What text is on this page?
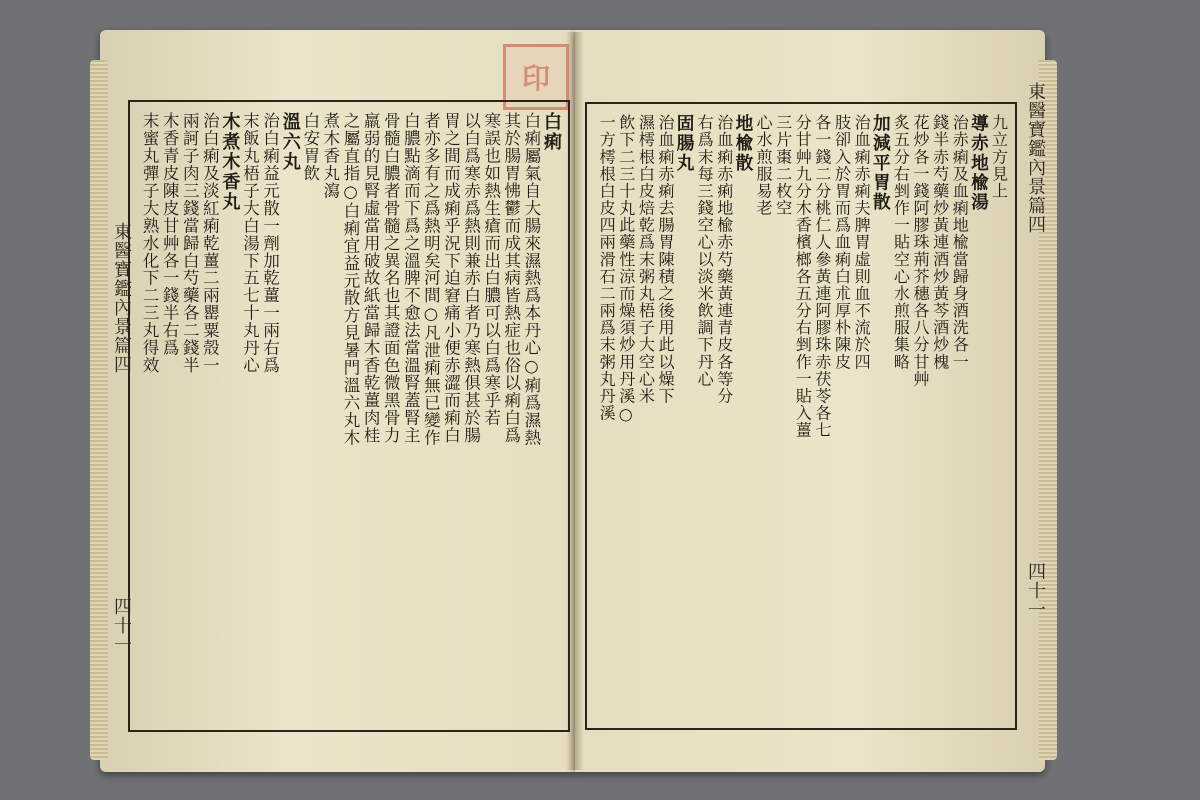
印
白痢
白痢屬氣自大腸來濕熱爲本丹心○痢爲濕熱
其於腸胃怫鬱而成其病皆熱症也俗以痢白爲
寒誤也如熱生瘡而出白膿可以白爲寒乎若
以白爲寒赤爲熱則兼赤白者乃寒熱俱甚於腸
胃之間而成痢乎況下迫窘痛小便赤澀而痢白
者亦多有之爲熱明矣河間○凡泄痢無已變作
白膿點滴而下爲之溫脾不愈法當溫腎蓋腎主
骨髓白膿者骨髓之異名也其證面色微黑骨力
羸弱的見腎虛當用破故紙當歸木香乾薑肉桂
之屬直指○白痢宜益元散方見暑門溫六丸木
煮木香丸瀉
白安胃飲
溫六丸
治白痢益元散一劑加乾薑一兩右爲
末飯丸梧子大白湯下五七十丸丹心
木煮木香丸
治白痢及淡紅痢乾薑二兩罌粟殼一
兩訶子肉三錢當歸白芍藥各二錢半
木香青皮陳皮甘艸各一錢半右爲
末蜜丸彈子大熟水化下二三丸得效	九立方見上
導赤地楡湯
治赤痢及血痢地楡當歸身酒洗各一
錢半赤芍藥炒黃連酒炒黃芩酒炒槐
花炒各一錢阿膠珠荊芥穗各八分甘艸
炙五分右剉作一貼空心水煎服集略
加減平胃散
治血痢赤痢夫脾胃虛則血不流於四
肢卻入於胃而爲血痢白朮厚朴陳皮
各一錢二分桃仁人參黃連阿膠珠赤茯苓各七
分甘艸九分木香檳榔各五分右剉作一貼入薑
三片棗二枚空
心水煎服易老
地楡散
治血痢赤痢地楡赤芍藥黃連青皮各等分
右爲末每三錢空心以淡米飲調下丹心
固腸丸
治血痢赤痢去腸胃陳積之後用此以燥下
濕樗根白皮焙乾爲末粥丸梧子大空心米
飲下二三十丸此藥性涼而燥須炒用丹溪○
一方樗根白皮四兩滑石二兩爲末粥丸丹溪
東醫寶鑑內景篇四
四十一
東醫寶鑑內景篇四
四十一
